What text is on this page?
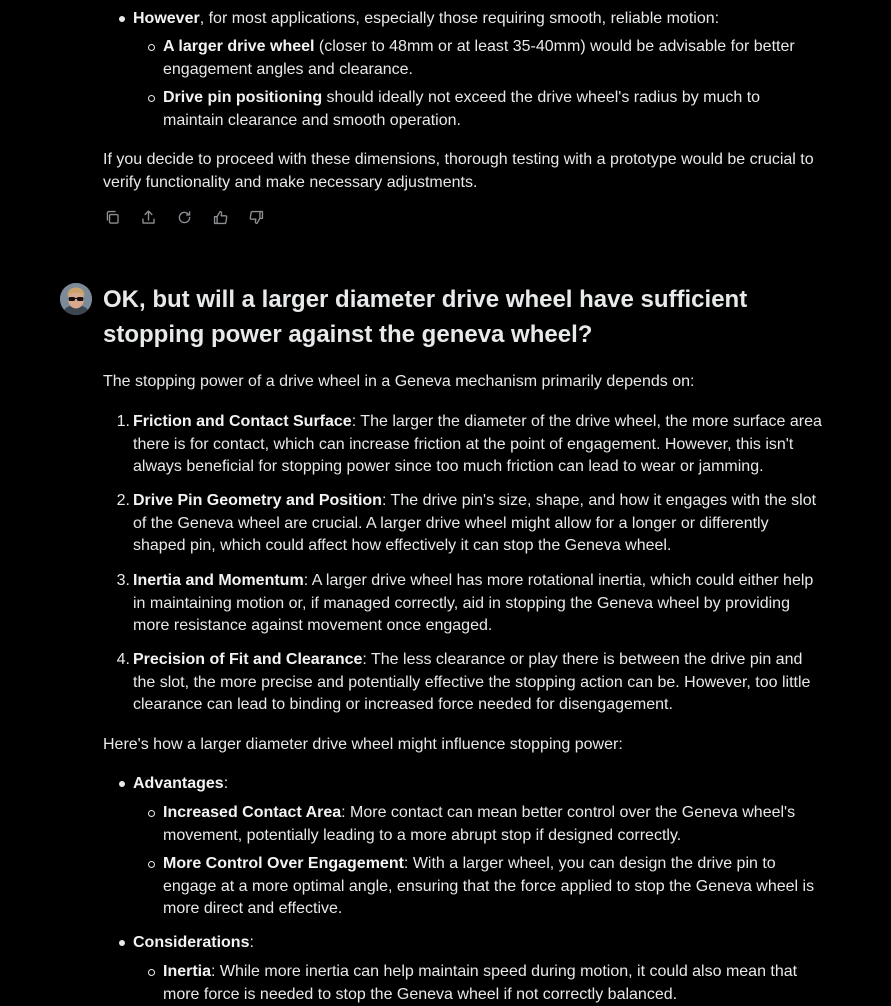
However, for most applications, especially those requiring smooth, reliable motion:
A larger drive wheel (closer to 48mm or at least 35-40mm) would be advisable for better engagement angles and clearance.
Drive pin positioning should ideally not exceed the drive wheel's radius by much to maintain clearance and smooth operation.
If you decide to proceed with these dimensions, thorough testing with a prototype would be crucial to verify functionality and make necessary adjustments.
OK, but will a larger diameter drive wheel have sufficient stopping power against the geneva wheel?
The stopping power of a drive wheel in a Geneva mechanism primarily depends on:
1. Friction and Contact Surface: The larger the diameter of the drive wheel, the more surface area there is for contact, which can increase friction at the point of engagement. However, this isn't always beneficial for stopping power since too much friction can lead to wear or jamming.
2. Drive Pin Geometry and Position: The drive pin's size, shape, and how it engages with the slot of the Geneva wheel are crucial. A larger drive wheel might allow for a longer or differently shaped pin, which could affect how effectively it can stop the Geneva wheel.
3. Inertia and Momentum: A larger drive wheel has more rotational inertia, which could either help in maintaining motion or, if managed correctly, aid in stopping the Geneva wheel by providing more resistance against movement once engaged.
4. Precision of Fit and Clearance: The less clearance or play there is between the drive pin and the slot, the more precise and potentially effective the stopping action can be. However, too little clearance can lead to binding or increased force needed for disengagement.
Here's how a larger diameter drive wheel might influence stopping power:
Advantages:
Increased Contact Area: More contact can mean better control over the Geneva wheel's movement, potentially leading to a more abrupt stop if designed correctly.
More Control Over Engagement: With a larger wheel, you can design the drive pin to engage at a more optimal angle, ensuring that the force applied to stop the Geneva wheel is more direct and effective.
Considerations:
Inertia: While more inertia can help maintain speed during motion, it could also mean that more force is needed to stop the Geneva wheel if not correctly balanced.
